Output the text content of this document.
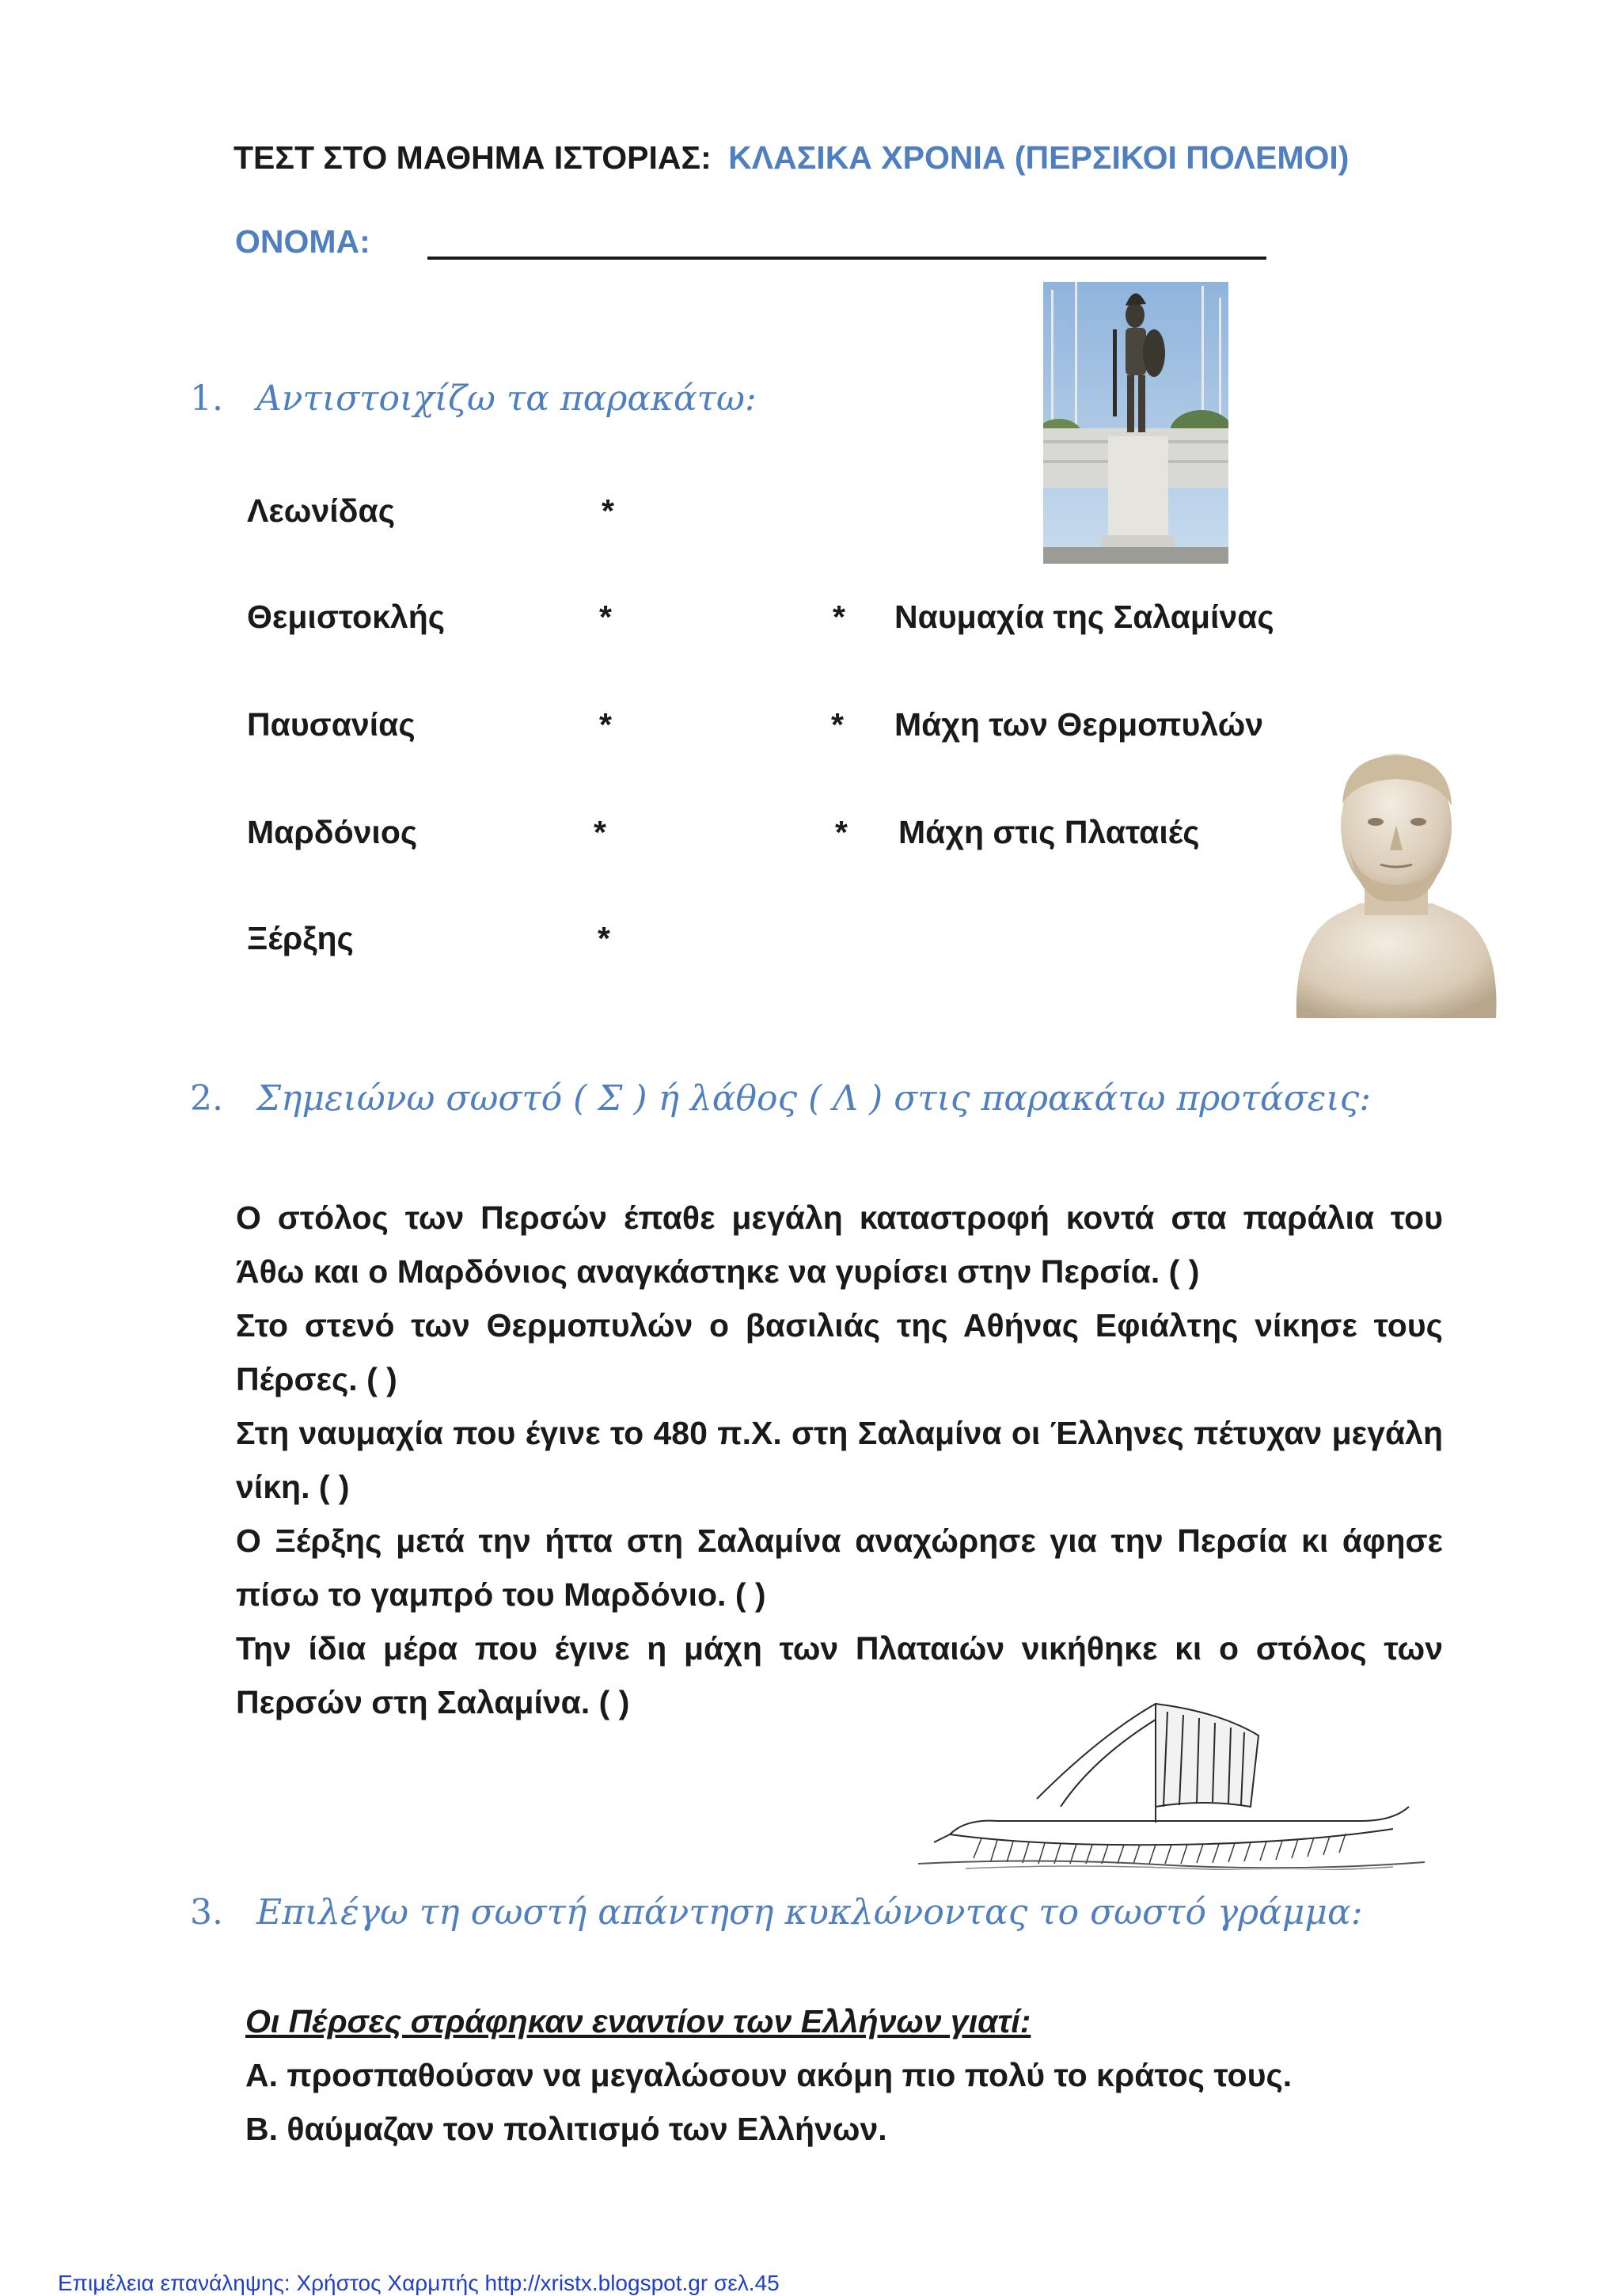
ΤΕΣΤ ΣΤΟ ΜΑΘΗΜΑ ΙΣΤΟΡΙΑΣ: ΚΛΑΣΙΚΑ ΧΡΟΝΙΑ (ΠΕΡΣΙΚΟΙ ΠΟΛΕΜΟΙ)
ΟΝΟΜΑ:
1. Αντιστοιχίζω τα παρακάτω:
Λεωνίδας
Θεμιστοκλής
Παυσανίας
Μαρδόνιος
Ξέρξης
*
*
*
*
*
*
*
*
Ναυμαχία της Σαλαμίνας
Μάχη των Θερμοπυλών
Μάχη στις Πλαταιές
2. Σημειώνω σωστό ( Σ ) ή λάθος ( Λ ) στις παρακάτω προτάσεις:
Ο στόλος των Περσών έπαθε μεγάλη καταστροφή κοντά στα παράλια του Άθω και ο Μαρδόνιος αναγκάστηκε να γυρίσει στην Περσία. ( )
Στο στενό των Θερμοπυλών ο βασιλιάς της Αθήνας Εφιάλτης νίκησε τους Πέρσες. ( )
Στη ναυμαχία που έγινε το 480 π.Χ. στη Σαλαμίνα οι Έλληνες πέτυχαν μεγάλη νίκη. ( )
Ο Ξέρξης μετά την ήττα στη Σαλαμίνα αναχώρησε για την Περσία κι άφησε πίσω το γαμπρό του Μαρδόνιο. ( )
Την ίδια μέρα που έγινε η μάχη των Πλαταιών νικήθηκε κι ο στόλος των Περσών στη Σαλαμίνα. ( )
3. Επιλέγω τη σωστή απάντηση κυκλώνοντας το σωστό γράμμα:
Οι Πέρσες στράφηκαν εναντίον των Ελλήνων γιατί:
Α. προσπαθούσαν να μεγαλώσουν ακόμη πιο πολύ το κράτος τους.
Β. θαύμαζαν τον πολιτισμό των Ελλήνων.
Επιμέλεια επανάληψης: Χρήστος Χαρμπής http://xristx.blogspot.gr σελ.45
